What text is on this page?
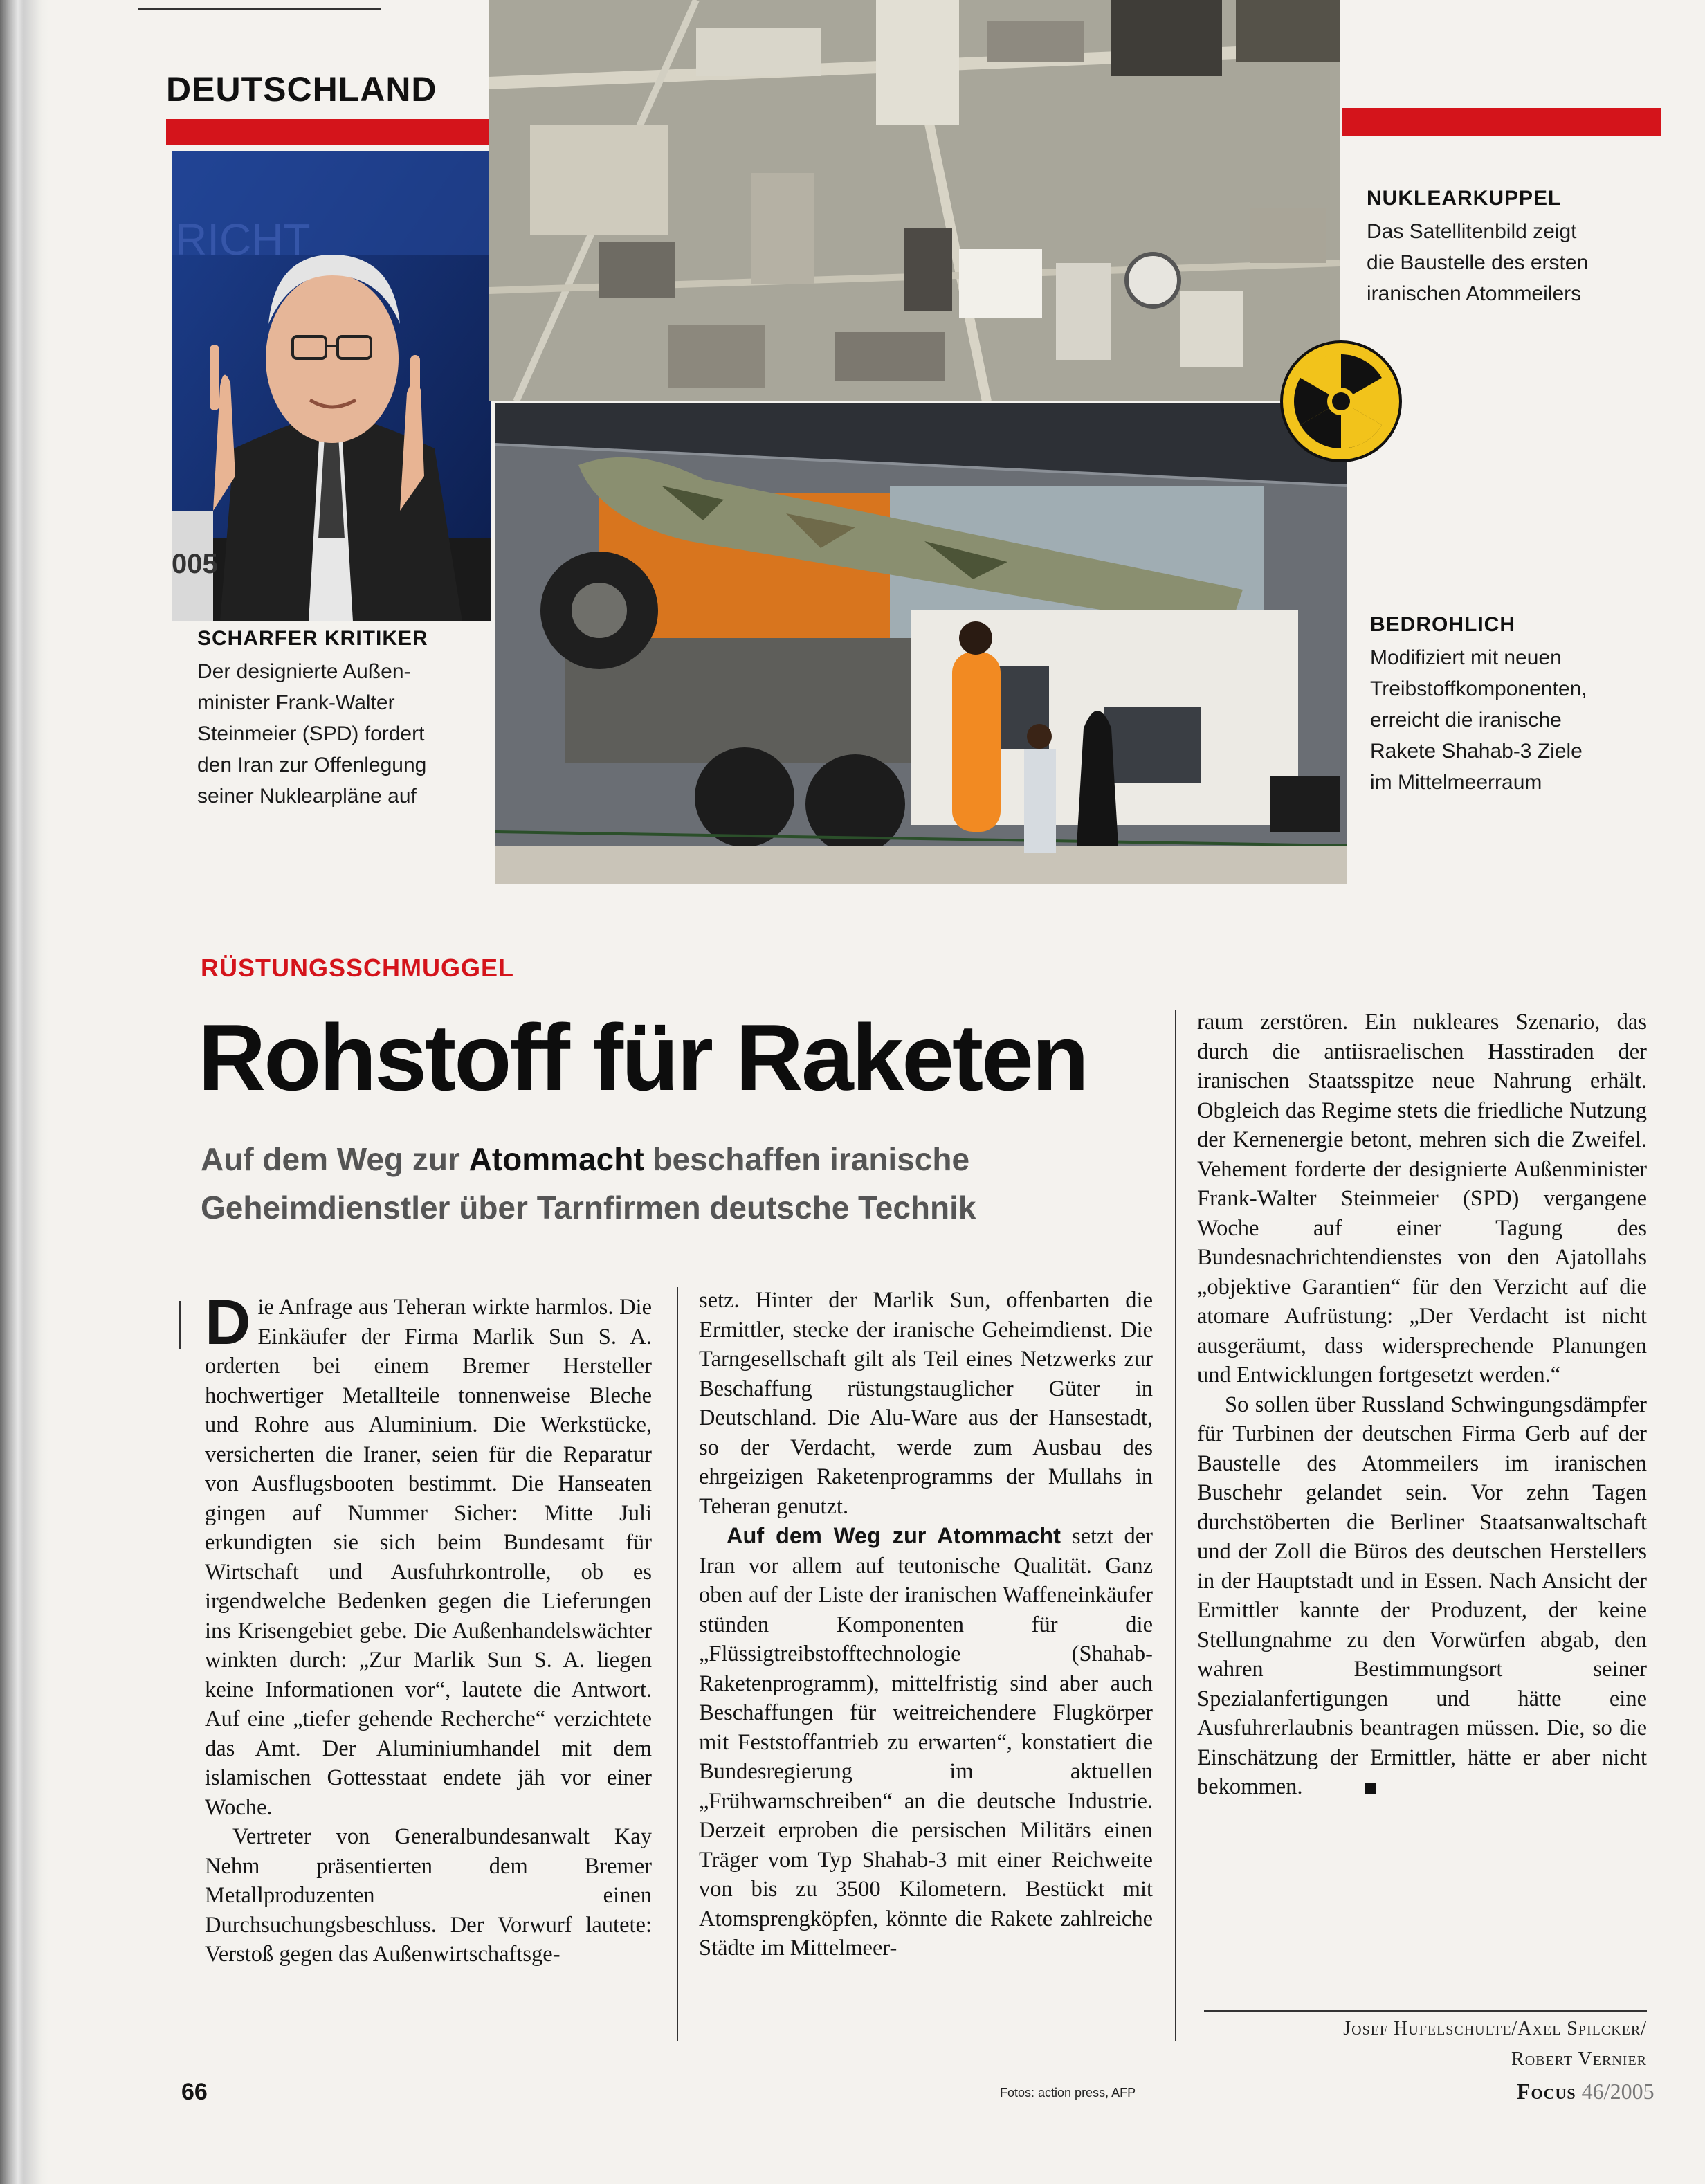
DEUTSCHLAND
RICHT
005
SCHARFER KRITIKER
Der designierte Außen-
minister Frank-Walter
Steinmeier (SPD) fordert
den Iran zur Offenlegung
seiner Nuklearpläne auf
NUKLEARKUPPEL
Das Satellitenbild zeigt
die Baustelle des ersten
iranischen Atommeilers
BEDROHLICH
Modifiziert mit neuen
Treibstoffkomponenten,
erreicht die iranische
Rakete Shahab-3 Ziele
im Mittelmeerraum
RÜSTUNGSSCHMUGGEL
Rohstoff für Raketen
Auf dem Weg zur Atommacht beschaffen iranische Geheimdienstler über Tarnfirmen deutsche Technik

Die Anfrage aus Teheran wirkte harmlos. Die Einkäufer der Firma Marlik Sun S. A. orderten bei einem Bremer Hersteller hochwertiger Metallteile tonnenweise Bleche und Rohre aus Aluminium. Die Werkstücke, versicherten die Iraner, seien für die Reparatur von Ausflugsbooten bestimmt. Die Hanseaten gingen auf Nummer Sicher: Mitte Juli erkundigten sie sich beim Bundesamt für Wirtschaft und Ausfuhrkontrolle, ob es irgendwelche Bedenken gegen die Lieferungen ins Krisengebiet gebe. Die Außenhandelswächter winkten durch: „Zur Marlik Sun S. A. liegen keine Informationen vor“, lautete die Antwort. Auf eine „tiefer gehende Recherche“ verzichtete das Amt. Der Aluminiumhandel mit dem islamischen Gottesstaat endete jäh vor einer Woche.

Vertreter von Generalbundesanwalt Kay Nehm präsentierten dem Bremer Metallproduzenten einen Durchsuchungsbeschluss. Der Vorwurf lautete: Verstoß gegen das Außenwirtschaftsge-

setz. Hinter der Marlik Sun, offenbarten die Ermittler, stecke der iranische Geheimdienst. Die Tarngesellschaft gilt als Teil eines Netzwerks zur Beschaffung rüstungstauglicher Güter in Deutschland. Die Alu-Ware aus der Hansestadt, so der Verdacht, werde zum Ausbau des ehrgeizigen Raketenprogramms der Mullahs in Teheran genutzt.

Auf dem Weg zur Atommacht setzt der Iran vor allem auf teutonische Qualität. Ganz oben auf der Liste der iranischen Waffeneinkäufer stünden Komponenten für die „Flüssigtreibstofftechnologie (Shahab-Raketenprogramm), mittelfristig sind aber auch Beschaffungen für weitreichendere Flugkörper mit Feststoffantrieb zu erwarten“, konstatiert die Bundesregierung im aktuellen „Frühwarnschreiben“ an die deutsche Industrie. Derzeit erproben die persischen Militärs einen Träger vom Typ Shahab-3 mit einer Reichweite von bis zu 3500 Kilometern. Bestückt mit Atomsprengköpfen, könnte die Rakete zahlreiche Städte im Mittelmeer-

raum zerstören. Ein nukleares Szenario, das durch die antiisraelischen Hasstiraden der iranischen Staatsspitze neue Nahrung erhält. Obgleich das Regime stets die friedliche Nutzung der Kernenergie betont, mehren sich die Zweifel. Vehement forderte der designierte Außenminister Frank-Walter Steinmeier (SPD) vergangene Woche auf einer Tagung des Bundesnachrichtendienstes von den Ajatollahs „objektive Garantien“ für den Verzicht auf die atomare Aufrüstung: „Der Verdacht ist nicht ausgeräumt, dass widersprechende Planungen und Entwicklungen fortgesetzt werden.“

So sollen über Russland Schwingungsdämpfer für Turbinen der deutschen Firma Gerb auf der Baustelle des Atommeilers im iranischen Buschehr gelandet sein. Vor zehn Tagen durchstöberten die Berliner Staatsanwaltschaft und der Zoll die Büros des deutschen Herstellers in der Hauptstadt und in Essen. Nach Ansicht der Ermittler kannte der Produzent, der keine Stellungnahme zu den Vorwürfen abgab, den wahren Bestimmungsort seiner Spezialanfertigungen und hätte eine Ausfuhrerlaubnis beantragen müssen. Die, so die Einschätzung der Ermittler, hätte er aber nicht bekommen.

Josef Hufelschulte/Axel Spilcker/
Robert Vernier
66	Fotos: action press, AFP	Focus 46/2005
